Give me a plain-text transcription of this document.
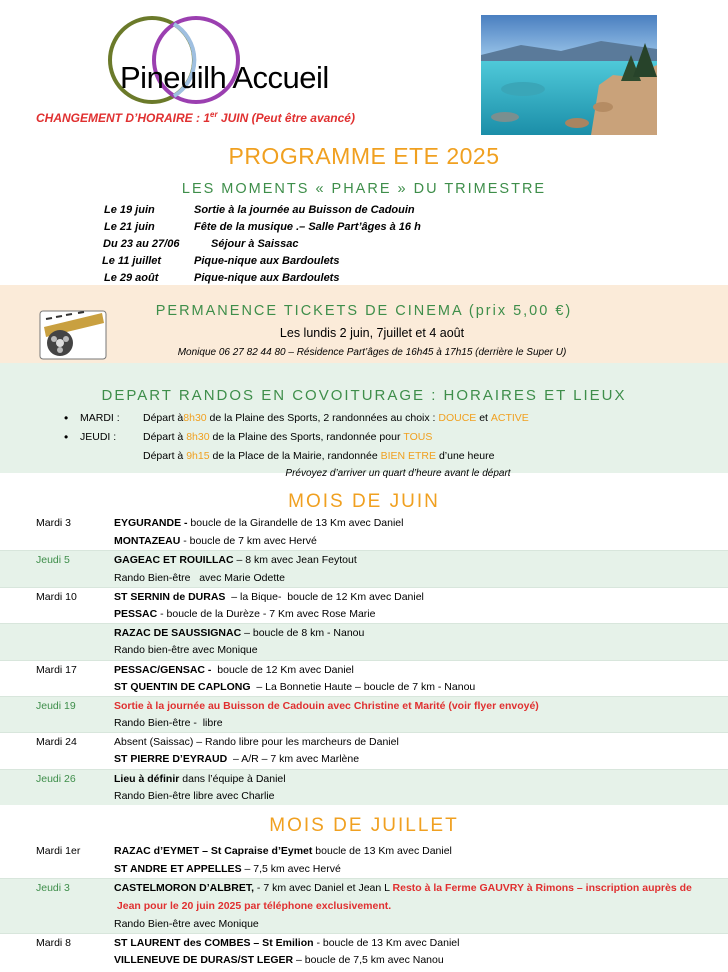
Pineuilh Accueil
CHANGEMENT D’HORAIRE : 1er JUIN (Peut être avancé)
PROGRAMME ETE 2025
LES MOMENTS « PHARE » DU TRIMESTRE
Le 19 juin	Sortie à la journée au Buisson de Cadouin
Le 21 juin	Fête de la musique .– Salle Part’âges à 16 h
Du 23 au 27/06	Séjour à Saissac
Le 11 juillet	Pique-nique aux Bardoulets
Le 29 août	Pique-nique aux Bardoulets
PERMANENCE TICKETS DE CINEMA (prix 5,00 €)
Les lundis 2 juin, 7juillet et 4 août
Monique 06 27 82 44 80 – Résidence Part’âges de 16h45 à 17h15 (derrière le Super U)
DEPART RANDOS EN COVOITURAGE : HORAIRES ET LIEUX
•
MARDI :	Départ à 8h30 de la Plaine des Sports, 2 randonnées au choix : DOUCE et ACTIVE
•
JEUDI :	Départ à 8h30 de la Plaine des Sports, randonnée pour TOUS
Départ à 9h15 de la Place de la Mairie, randonnée BIEN ETRE d’une heure
Prévoyez d’arriver un quart d’heure avant le départ
MOIS DE JUIN
Mardi 3	EYGURANDE - boucle de la Girandelle de 13 Km avec Daniel
MONTAZEAU - boucle de 7 km avec Hervé
Jeudi 5	GAGEAC ET ROUILLAC – 8 km avec Jean Feytout
Rando Bien-être   avec Marie Odette
Mardi 10	ST SERNIN de DURAS  – la Bique-  boucle de 12 Km avec Daniel
PESSAC - boucle de la Durèze - 7 Km avec Rose Marie
RAZAC DE SAUSSIGNAC – boucle de 8 km - Nanou
Rando bien-être avec Monique
Mardi 17	PESSAC/GENSAC -  boucle de 12 Km avec Daniel
ST QUENTIN DE CAPLONG  – La Bonnetie Haute – boucle de 7 km - Nanou
Jeudi 19	Sortie à la journée au Buisson de Cadouin avec Christine et Marité (voir flyer envoyé)
Rando Bien-être -  libre
Mardi 24	Absent (Saissac) – Rando libre pour les marcheurs de Daniel
ST PIERRE D’EYRAUD  – A/R – 7 km avec Marlène
Jeudi 26	Lieu à définir dans l’équipe à Daniel
Rando Bien-être libre avec Charlie
MOIS DE JUILLET
Mardi 1er	RAZAC d’EYMET – St Capraise d’Eymet boucle de 13 Km avec Daniel
ST ANDRE ET APPELLES – 7,5 km avec Hervé
Jeudi 3	CASTELMORON D’ALBRET, - 7 km avec Daniel et Jean L Resto à la Ferme GAUVRY à Rimons – inscription auprès de
Jean pour le 20 juin 2025 par téléphone exclusivement.
Rando Bien-être avec Monique
Mardi 8	ST LAURENT des COMBES – St Emilion - boucle de 13 Km avec Daniel
VILLENEUVE DE DURAS/ST LEGER – boucle de 7,5 km avec Nanou
